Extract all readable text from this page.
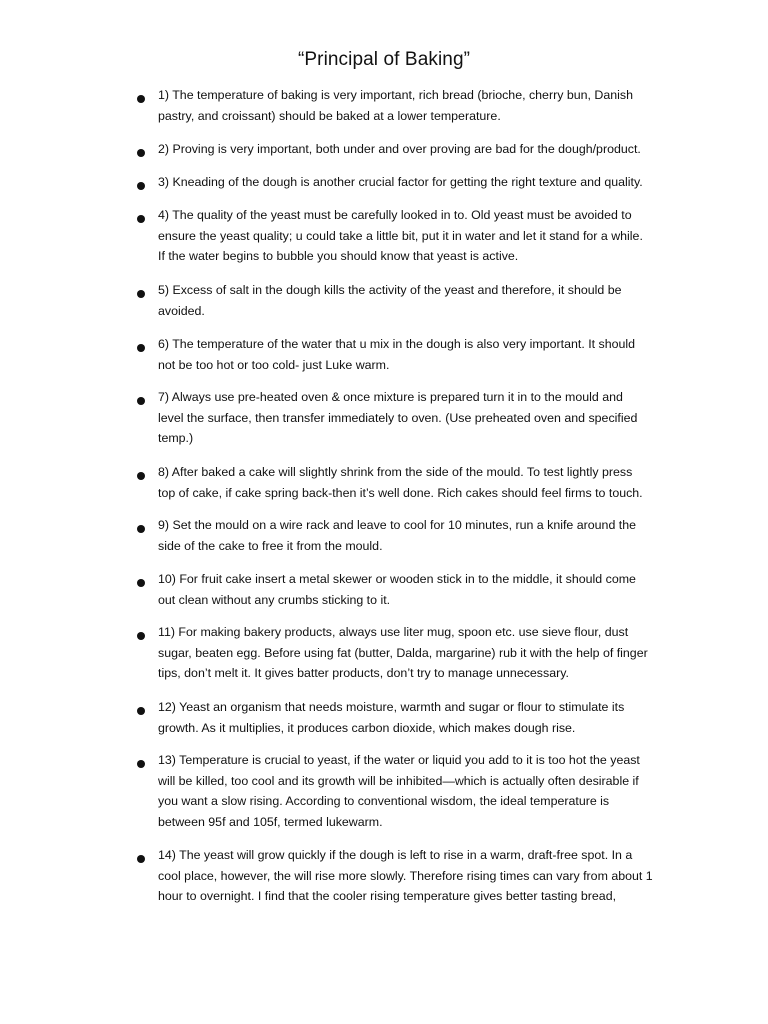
“Principal of Baking”
1) The temperature of baking is very important, rich bread (brioche, cherry bun, Danish
pastry, and croissant) should be baked at a lower temperature.
2) Proving is very important, both under and over proving are bad for the dough/product.
3) Kneading of the dough is another crucial factor for getting the right texture and quality.
4) The quality of the yeast must be carefully looked in to. Old yeast must be avoided to
ensure the yeast quality; u could take a little bit, put it in water and let it stand for a while.
If the water begins to bubble you should know that yeast is active.
5) Excess of salt in the dough kills the activity of the yeast and therefore, it should be
avoided.
6) The temperature of the water that u mix in the dough is also very important. It should
not be too hot or too cold- just Luke warm.
7) Always use pre-heated oven & once mixture is prepared turn it in to the mould and
level the surface, then transfer immediately to oven. (Use preheated oven and specified
temp.)
8) After baked a cake will slightly shrink from the side of the mould. To test lightly press
top of cake, if cake spring back-then it’s well done. Rich cakes should feel firms to touch.
9) Set the mould on a wire rack and leave to cool for 10 minutes, run a knife around the
side of the cake to free it from the mould.
10) For fruit cake insert a metal skewer or wooden stick in to the middle, it should come
out clean without any crumbs sticking to it.
11) For making bakery products, always use liter mug, spoon etc. use sieve flour, dust
sugar, beaten egg. Before using fat (butter, Dalda, margarine) rub it with the help of finger
tips, don’t melt it. It gives batter products, don’t try to manage unnecessary.
12) Yeast an organism that needs moisture, warmth and sugar or flour to stimulate its
growth. As it multiplies, it produces carbon dioxide, which makes dough rise.
13) Temperature is crucial to yeast, if the water or liquid you add to it is too hot the yeast
will be killed, too cool and its growth will be inhibited—which is actually often desirable if
you want a slow rising. According to conventional wisdom, the ideal temperature is
between 95f and 105f, termed lukewarm.
14) The yeast will grow quickly if the dough is left to rise in a warm, draft-free spot. In a
cool place, however, the will rise more slowly. Therefore rising times can vary from about 1
hour to overnight. I find that the cooler rising temperature gives better tasting bread,
